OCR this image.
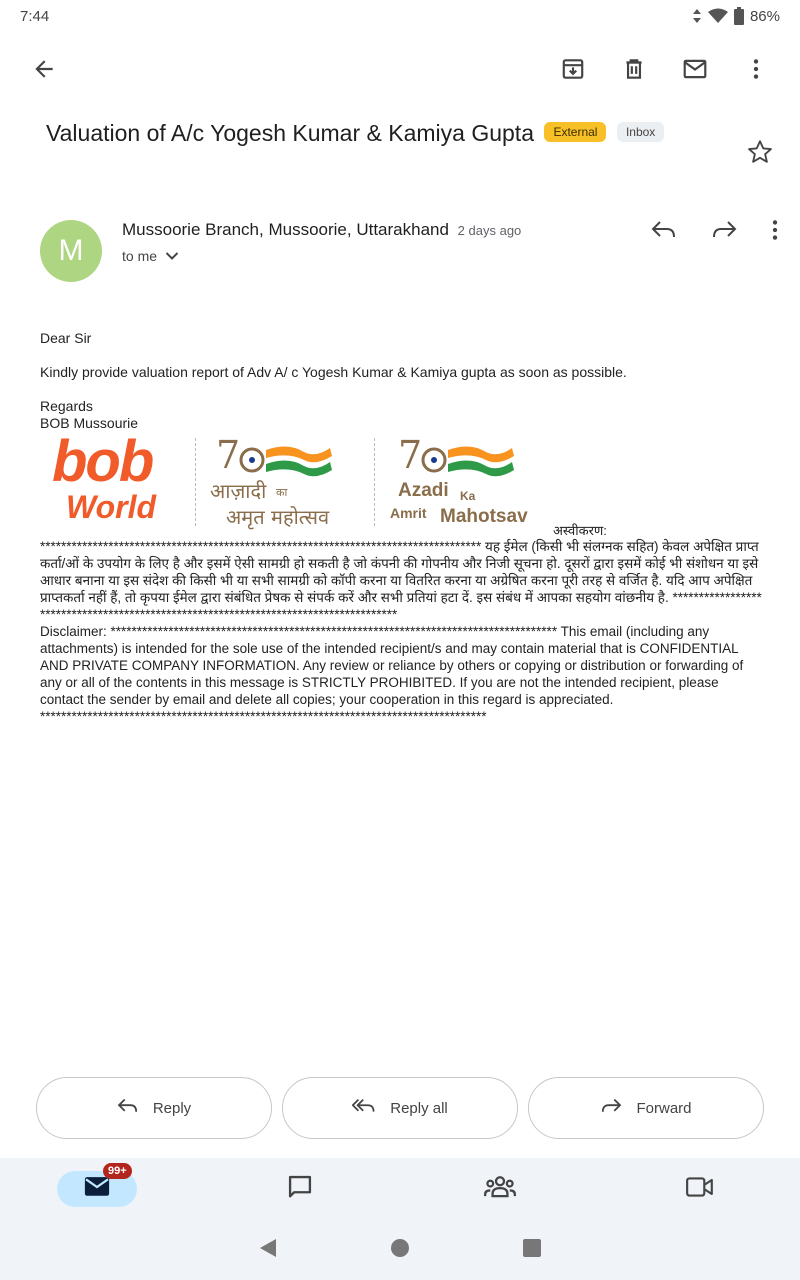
7:44	86%
Valuation of A/c Yogesh Kumar & Kamiya Gupta External Inbox
M
Mussoorie Branch, Mussoorie, Uttarakhand 2 days ago
to me

Dear Sir

Kindly provide valuation report of Adv A/ c Yogesh Kumar & Kamiya gupta as soon as possible.

Regards
BOB Mussourie
bob
World
7
आज़ादी का
अमृत महोत्सव
7
Azadi Ka
Amrit Mahotsav
अस्वीकरण:
************************************************************************************ यह ईमेल (किसी भी संलग्नक सहित) केवल अपेक्षित प्राप्तकर्ता/ओं के उपयोग के लिए है और इसमें ऐसी सामग्री हो सकती है जो कंपनी की गोपनीय और निजी सूचना हो. दूसरों द्वारा इसमें कोई भी संशोधन या इसे आधार बनाना या इस संदेश की किसी भी या सभी सामग्री को कॉपी करना या वितरित करना या अग्रेषित करना पूरी तरह से वर्जित है. यदि आप अपेक्षित प्राप्तकर्ता नहीं हैं, तो कृपया ईमेल द्वारा संबंधित प्रेषक से संपर्क करें और सभी प्रतियां हटा दें. इस संबंध में आपका सहयोग वांछनीय है. *************************************************************************************
Disclaimer: ************************************************************************************* This email (including any attachments) is intended for the sole use of the intended recipient/s and may contain material that is CONFIDENTIAL AND PRIVATE COMPANY INFORMATION. Any review or reliance by others or copying or distribution or forwarding of any or all of the contents in this message is STRICTLY PROHIBITED. If you are not the intended recipient, please contact the sender by email and delete all copies; your cooperation in this regard is appreciated. *************************************************************************************
Reply	Reply all	Forward
99+
